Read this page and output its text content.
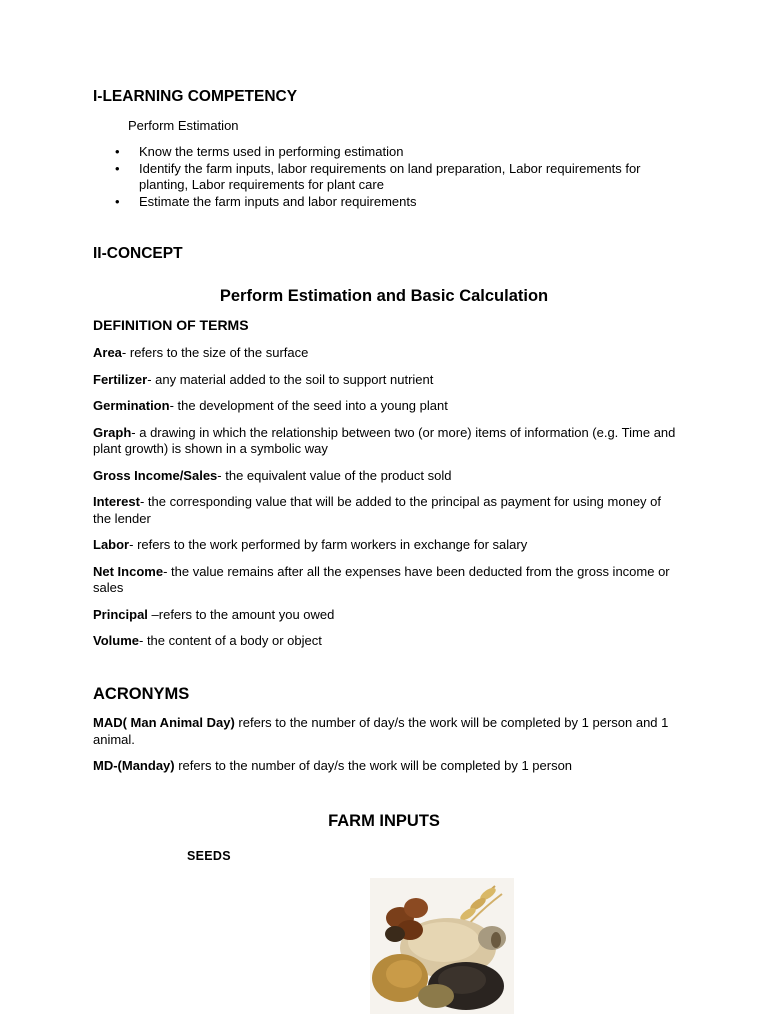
I-LEARNING COMPETENCY

Perform Estimation

• Know the terms used in performing estimation
• Identify the farm inputs, labor requirements on land preparation, Labor requirements for planting, Labor requirements for plant care
• Estimate the farm inputs and labor requirements
II-CONCEPT
Perform Estimation and Basic Calculation
DEFINITION OF TERMS

Area- refers to the size of the surface

Fertilizer- any material added to the soil to support nutrient

Germination- the development of the seed into a young plant

Graph- a drawing in which the relationship between two (or more) items of information (e.g. Time and plant growth) is shown in a symbolic way

Gross Income/Sales- the equivalent value of the product sold

Interest- the corresponding value that will be added to the principal as payment for using money of the lender

Labor- refers to the work performed by farm workers in exchange for salary

Net Income- the value remains after all the expenses have been deducted from the gross income or sales

Principal –refers to the amount you owed

Volume- the content of a body or object

ACRONYMS

MAD( Man Animal Day) refers to the number of day/s the work will be completed by 1 person and 1 animal.

MD-(Manday) refers to the number of day/s the work will be completed by 1 person

FARM INPUTS

SEEDS
